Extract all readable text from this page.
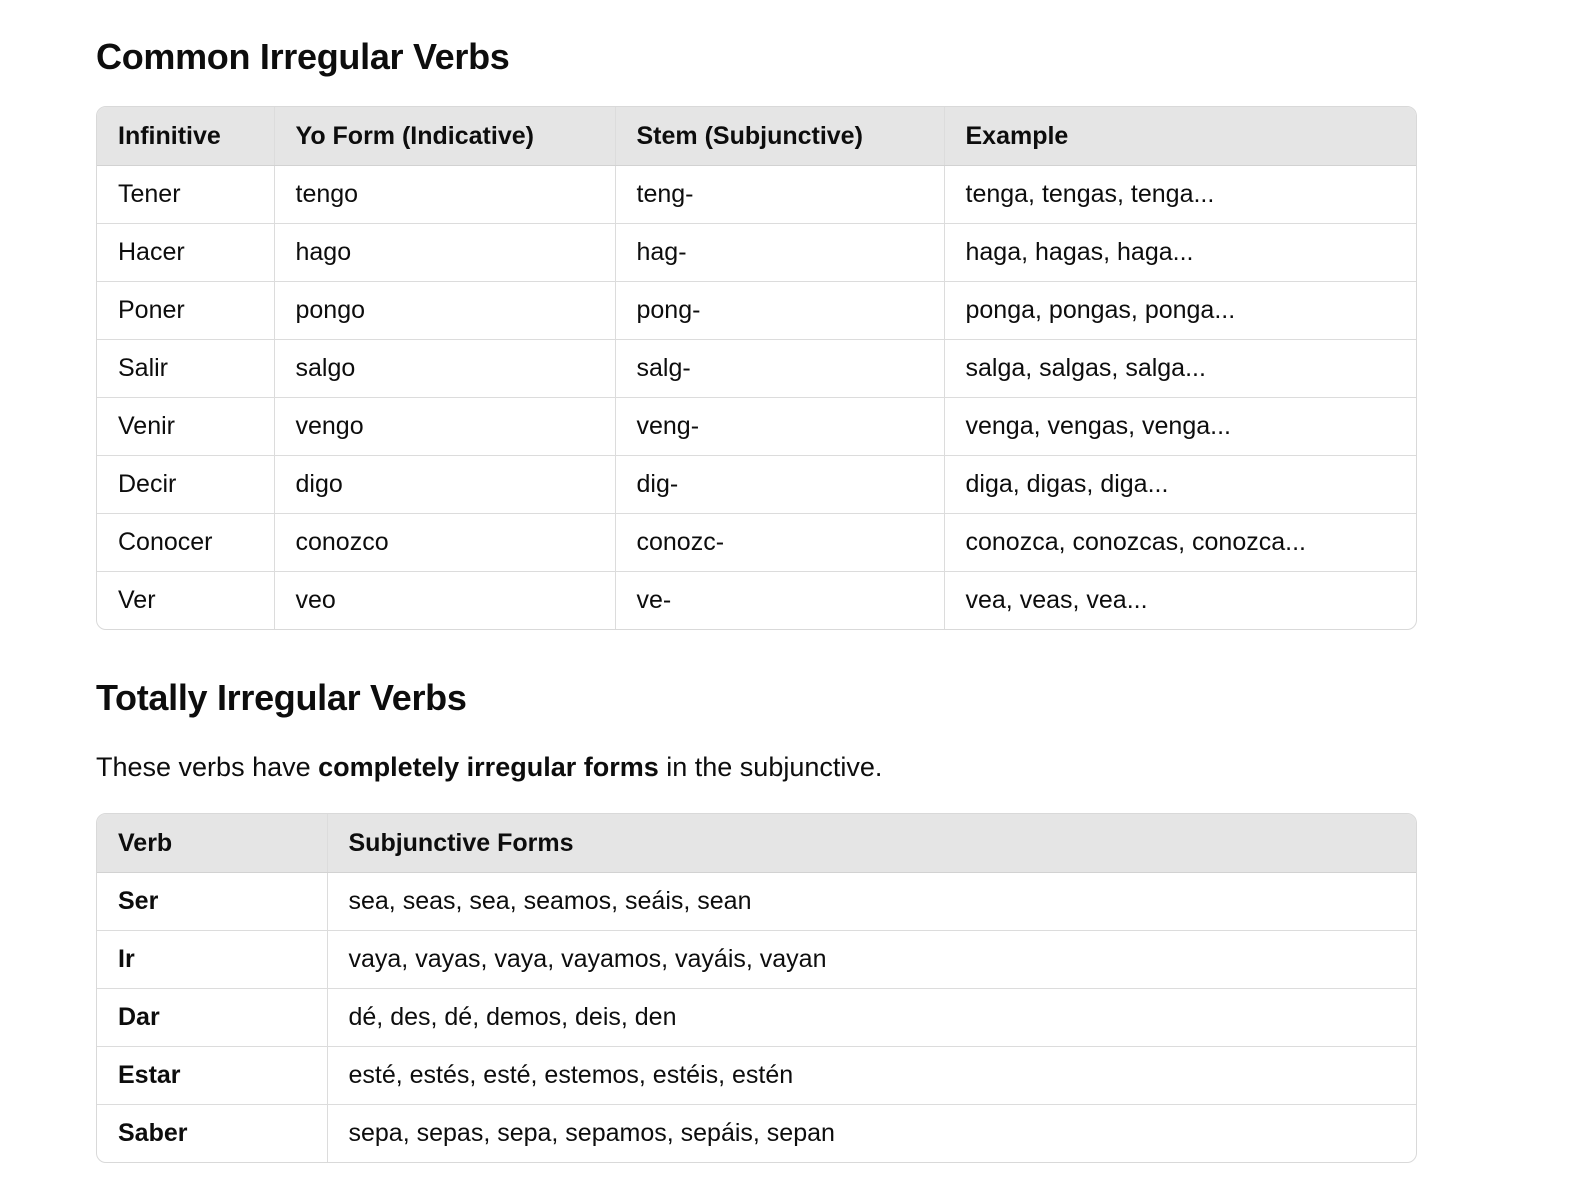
Common Irregular Verbs
Infinitive	Yo Form (Indicative)	Stem (Subjunctive)	Example
Tener	tengo	teng-	tenga, tengas, tenga...
Hacer	hago	hag-	haga, hagas, haga...
Poner	pongo	pong-	ponga, pongas, ponga...
Salir	salgo	salg-	salga, salgas, salga...
Venir	vengo	veng-	venga, vengas, venga...
Decir	digo	dig-	diga, digas, diga...
Conocer	conozco	conozc-	conozca, conozcas, conozca...
Ver	veo	ve-	vea, veas, vea...
Totally Irregular Verbs

These verbs have completely irregular forms in the subjunctive.

Verb	Subjunctive Forms
Ser	sea, seas, sea, seamos, seáis, sean
Ir	vaya, vayas, vaya, vayamos, vayáis, vayan
Dar	dé, des, dé, demos, deis, den
Estar	esté, estés, esté, estemos, estéis, estén
Saber	sepa, sepas, sepa, sepamos, sepáis, sepan
